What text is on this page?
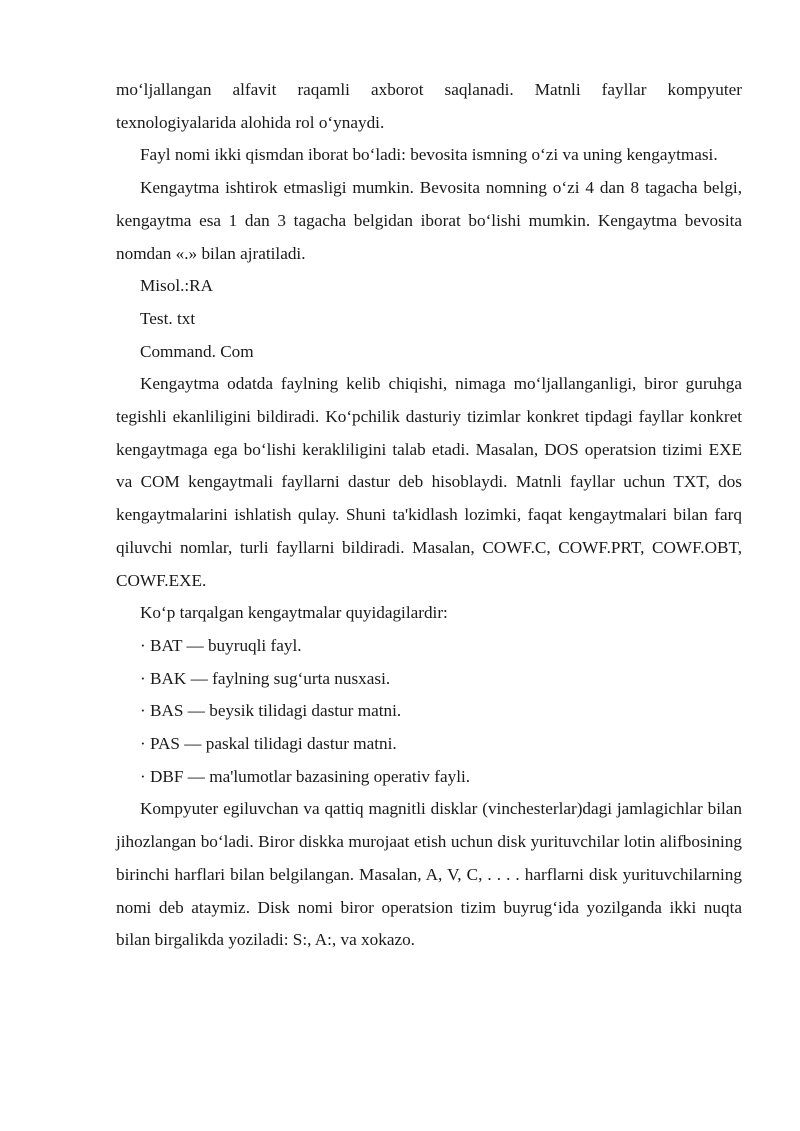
mo‘ljallangan alfavit raqamli axborot saqlanadi. Matnli fayllar kompyuter texnologiyalarida alohida rol o‘ynaydi.

Fayl nomi ikki qismdan iborat bo‘ladi: bevosita ismning o‘zi va uning kengaytmasi.

Kengaytma ishtirok etmasligi mumkin. Bevosita nomning o‘zi 4 dan 8 tagacha belgi, kengaytma esa 1 dan 3 tagacha belgidan iborat bo‘lishi mumkin. Kengaytma bevosita nomdan «.» bilan ajratiladi.

Misol.:RA

Test. txt

Command. Com

Kengaytma odatda faylning kelib chiqishi, nimaga mo‘ljallanganligi, biror guruhga tegishli ekanliligini bildiradi. Ko‘pchilik dasturiy tizimlar konkret tipdagi fayllar konkret kengaytmaga ega bo‘lishi kerakliligini talab etadi. Masalan, DOS operatsion tizimi EXE va COM kengaytmali fayllarni dastur deb hisoblaydi. Matnli fayllar uchun TXT, dos kengaytmalarini ishlatish qulay. Shuni ta'kidlash lozimki, faqat kengaytmalari bilan farq qiluvchi nomlar, turli fayllarni bildiradi. Masalan, COWF.C, COWF.PRT, COWF.OBT, COWF.EXE.

Ko‘p tarqalgan kengaytmalar quyidagilardir:

· BAT — buyruqli fayl.

· BAK — faylning sug‘urta nusxasi.

· BAS — beysik tilidagi dastur matni.

· PAS — paskal tilidagi dastur matni.

· DBF — ma'lumotlar bazasining operativ fayli.

Kompyuter egiluvchan va qattiq magnitli disklar (vinchesterlar)dagi jamlagichlar bilan jihozlangan bo‘ladi. Biror diskka murojaat etish uchun disk yurituvchilar lotin alifbosining birinchi harflari bilan belgilangan. Masalan, A, V, C, . . . . harflarni disk yurituvchilarning nomi deb ataymiz. Disk nomi biror operatsion tizim buyrug‘ida yozilganda ikki nuqta bilan birgalikda yoziladi: S:, A:, va xokazo.
